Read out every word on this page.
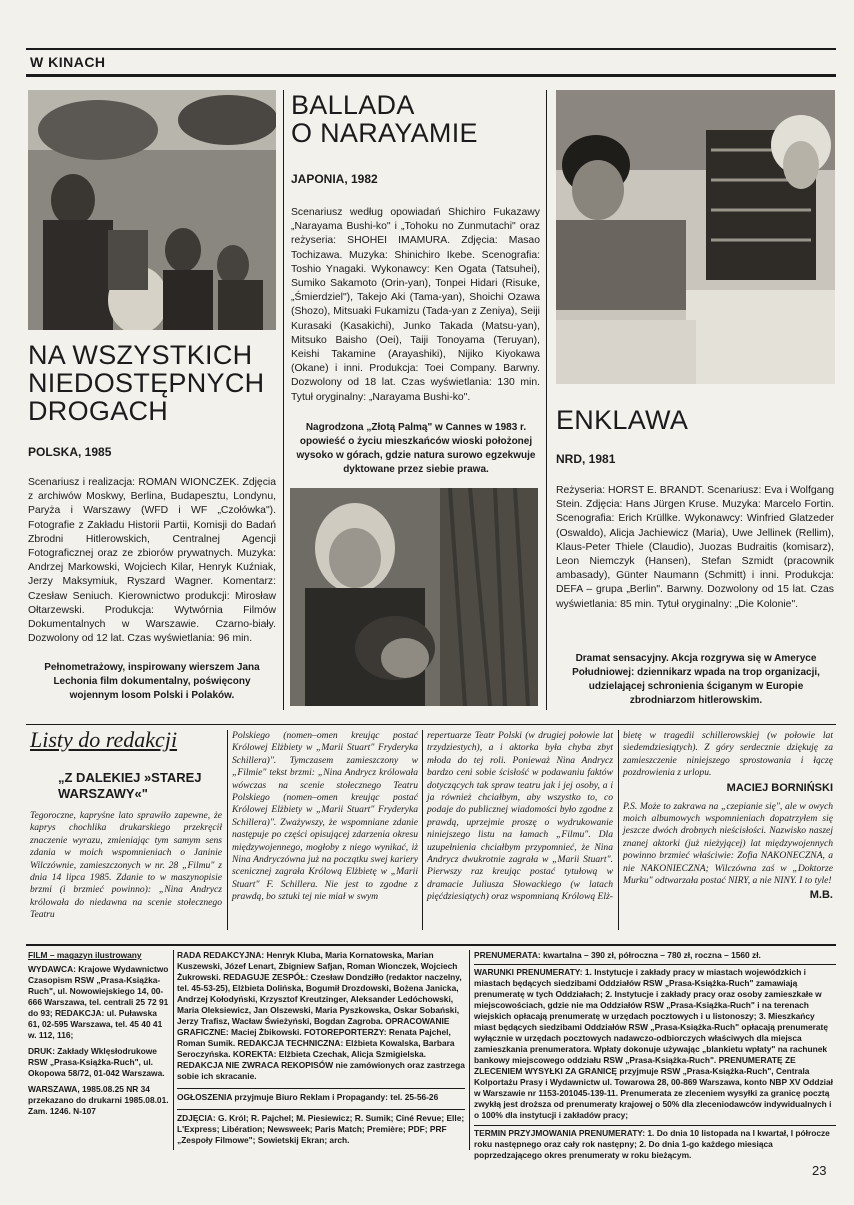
W KINACH
NA WSZYSTKICH
NIEDOSTĘPNYCH
DROGACH
POLSKA, 1985
Scenariusz i realizacja: ROMAN WIONCZEK. Zdjęcia z archiwów Moskwy, Berlina, Budapesztu, Londynu, Paryża i Warszawy (WFD i WF „Czołówka"). Fotografie z Zakładu Historii Partii, Komisji do Badań Zbrodni Hitlerowskich, Centralnej Agencji Fotograficznej oraz ze zbiorów prywatnych. Muzyka: Andrzej Markowski, Wojciech Kilar, Henryk Kuźniak, Jerzy Maksymiuk, Ryszard Wagner. Komentarz: Czesław Seniuch. Kierownictwo produkcji: Mirosław Ołtarzewski. Produkcja: Wytwórnia Filmów Dokumentalnych w Warszawie. Czarno-biały. Dozwolony od 12 lat. Czas wyświetlania: 96 min.
Pełnometrażowy, inspirowany wierszem Jana Lechonia film dokumentalny, poświęcony wojennym losom Polski i Polaków.
BALLADA
O NARAYAMIE
JAPONIA, 1982
Scenariusz według opowiadań Shichiro Fukazawy „Narayama Bushi-ko" i „Tohoku no Zunmutachi" oraz reżyseria: SHOHEI IMAMURA. Zdjęcia: Masao Tochizawa. Muzyka: Shinichiro Ikebe. Scenografia: Toshio Ynagaki. Wykonawcy: Ken Ogata (Tatsuhei), Sumiko Sakamoto (Orin-yan), Tonpei Hidari (Risuke, „Śmierdziel"), Takejo Aki (Tama-yan), Shoichi Ozawa (Shozo), Mitsuaki Fukamizu (Tada-yan z Zeniya), Seiji Kurasaki (Kasakichi), Junko Takada (Matsu-yan), Mitsuko Baisho (Oei), Taiji Tonoyama (Teruyan), Keishi Takamine (Arayashiki), Nijiko Kiyokawa (Okane) i inni. Produkcja: Toei Company. Barwny. Dozwolony od 18 lat. Czas wyświetlania: 130 min. Tytuł oryginalny: „Narayama Bushi-ko".
Nagrodzona „Złotą Palmą" w Cannes w 1983 r. opowieść o życiu mieszkańców wioski położonej wysoko w górach, gdzie natura surowo egzekwuje dyktowane przez siebie prawa.
ENKLAWA
NRD, 1981
Reżyseria: HORST E. BRANDT. Scenariusz: Eva i Wolfgang Stein. Zdjęcia: Hans Jürgen Kruse. Muzyka: Marcelo Fortin. Scenografia: Erich Krüllke. Wykonawcy: Winfried Glatzeder (Oswaldo), Alicja Jachiewicz (Maria), Uwe Jellinek (Rellim), Klaus-Peter Thiele (Claudio), Juozas Budraitis (komisarz), Leon Niemczyk (Hansen), Stefan Szmidt (pracownik ambasady), Günter Naumann (Schmitt) i inni. Produkcja: DEFA – grupa „Berlin". Barwny. Dozwolony od 15 lat. Czas wyświetlania: 85 min. Tytuł oryginalny: „Die Kolonie".
Dramat sensacyjny. Akcja rozgrywa się w Ameryce Południowej: dziennikarz wpada na trop organizacji, udzielającej schronienia ściganym w Europie zbrodniarzom hitlerowskim.
Listy do redakcji
„Z DALEKIEJ »STAREJ WARSZAWY«"
Tegoroczne, kapryśne lato sprawiło zapewne, że kaprys chochlika drukarskiego przekręcił znaczenie wyrazu, zmieniając tym samym sens zdania w moich wspomnieniach o Janinie Wilczównie, zamieszczonych w nr. 28 „Filmu" z dnia 14 lipca 1985. Zdanie to w maszynopisie brzmi (i brzmieć powinno): „Nina Andrycz królowała do niedawna na scenie stołecznego Teatru
Polskiego (nomen–omen kreując postać Królowej Elżbiety w „Marii Stuart" Fryderyka Schillera)". Tymczasem zamieszczony w „Filmie" tekst brzmi: „Nina Andrycz królowała wówczas na scenie stołecznego Teatru Polskiego (nomen–omen kreując postać Królowej Elżbiety w „Marii Stuart" Fryderyka Schillera)". Zważywszy, że wspomniane zdanie następuje po części opisującej zdarzenia okresu międzywojennego, mogłoby z niego wynikać, iż Nina Andryczówna już na początku swej kariery scenicznej zagrała Królową Elżbietę w „Marii Stuart" F. Schillera. Nie jest to zgodne z prawdą, bo sztuki tej nie miał w swym
repertuarze Teatr Polski (w drugiej połowie lat trzydziestych), a i aktorka była chyba zbyt młoda do tej roli. Ponieważ Nina Andrycz bardzo ceni sobie ścisłość w podawaniu faktów dotyczących tak spraw teatru jak i jej osoby, a i ja również chciałbym, aby wszystko to, co podaje do publicznej wiadomości było zgodne z prawdą, uprzejmie proszę o wydrukowanie niniejszego listu na łamach „Filmu". Dla uzupełnienia chciałbym przypomnieć, że Nina Andrycz dwukrotnie zagrała w „Marii Stuart". Pierwszy raz kreując postać tytułową w dramacie Juliusza Słowackiego (w latach pięćdziesiątych) oraz wspomnianą Królową Elż-
bietę w tragedii schillerowskiej (w połowie lat siedemdziesiątych). Z góry serdecznie dziękuję za zamieszczenie niniejszego sprostowania i łączę pozdrowienia z urlopu.
MACIEJ BORNIŃSKI
P.S. Może to zakrawa na „czepianie się", ale w owych moich albumowych wspomnieniach dopatrzyłem się jeszcze dwóch drobnych nieścisłości. Nazwisko naszej znanej aktorki (już nieżyjącej) lat międzywojennych powinno brzmieć właściwie: Zofia NAKONECZNA, a nie NAKONIECZNA; Wilczówna zaś w „Doktorze Murku" odtwarzała postać NIRY, a nie NINY. I to tyle!
M.B.
FILM – magazyn ilustrowany
WYDAWCA: Krajowe Wydawnictwo Czasopism RSW „Prasa-Książka-Ruch", ul. Nowowiejskiego 14, 00-666 Warszawa, tel. centrali 25 72 91 do 93; REDAKCJA: ul. Puławska 61, 02-595 Warszawa, tel. 45 40 41 w. 112, 116;
DRUK: Zakłady Wklęsłodrukowe RSW „Prasa-Książka-Ruch", ul. Okopowa 58/72, 01-042 Warszawa.
WARSZAWA, 1985.08.25 NR 34 przekazano do drukarni 1985.08.01. Zam. 1246. N-107
RADA REDAKCYJNA: Henryk Kluba, Maria Kornatowska, Marian Kuszewski, Józef Lenart, Zbigniew Safjan, Roman Wionczek, Wojciech Żukrowski. REDAGUJE ZESPÓŁ: Czesław Dondziłło (redaktor naczelny, tel. 45-53-25), Elżbieta Dolińska, Bogumił Drozdowski, Bożena Janicka, Andrzej Kołodyński, Krzysztof Kreutzinger, Aleksander Ledóchowski, Maria Oleksiewicz, Jan Olszewski, Maria Pyszkowska, Oskar Sobański, Jerzy Trafisz, Wacław Świeżyński, Bogdan Zagroba. OPRACOWANIE GRAFICZNE: Maciej Żbikowski. FOTOREPORTERZY: Renata Pajchel, Roman Sumik. REDAKCJA TECHNICZNA: Elżbieta Kowalska, Barbara Seroczyńska. KOREKTA: Elżbieta Czechak, Alicja Szmigielska. REDAKCJA NIE ZWRACA REKOPISÓW nie zamówionych oraz zastrzega sobie ich skracanie.
OGŁOSZENIA przyjmuje Biuro Reklam i Propagandy: tel. 25-56-26
ZDJĘCIA: G. Król; R. Pajchel; M. Piesiewicz; R. Sumik; Ciné Revue; Elle; L'Express; Libération; Newsweek; Paris Match; Première; PDF; PRF „Zespoły Filmowe"; Sowietskij Ekran; arch.
PRENUMERATA: kwartalna – 390 zł, półroczna – 780 zł, roczna – 1560 zł.
WARUNKI PRENUMERATY: 1. Instytucje i zakłady pracy w miastach wojewódzkich i miastach będących siedzibami Oddziałów RSW „Prasa-Książka-Ruch" zamawiają prenumeratę w tych Oddziałach; 2. Instytucje i zakłady pracy oraz osoby zamieszkałe w miejscowościach, gdzie nie ma Oddziałów RSW „Prasa-Książka-Ruch" i na terenach wiejskich opłacają prenumeratę w urzędach pocztowych i u listonoszy; 3. Mieszkańcy miast będących siedzibami Oddziałów RSW „Prasa-Książka-Ruch" opłacają prenumeratę wyłącznie w urzędach pocztowych nadawczo-odbiorczych właściwych dla miejsca zamieszkania prenumeratora. Wpłaty dokonuje używając „blankietu wpłaty" na rachunek bankowy miejscowego oddziału RSW „Prasa-Książka-Ruch". PRENUMERATĘ ZE ZLECENIEM WYSYŁKI ZA GRANICĘ przyjmuje RSW „Prasa-Książka-Ruch", Centrala Kolportażu Prasy i Wydawnictw ul. Towarowa 28, 00-869 Warszawa, konto NBP XV Oddział w Warszawie nr 1153-201045-139-11. Prenumerata ze zleceniem wysyłki za granicę pocztą zwykłą jest droższa od prenumeraty krajowej o 50% dla zleceniodawców indywidualnych i o 100% dla instytucji i zakładów pracy;
TERMIN PRZYJMOWANIA PRENUMERATY: 1. Do dnia 10 listopada na I kwartał, I półrocze roku następnego oraz cały rok następny; 2. Do dnia 1-go każdego miesiąca poprzedzającego okres prenumeraty w roku bieżącym.
23
